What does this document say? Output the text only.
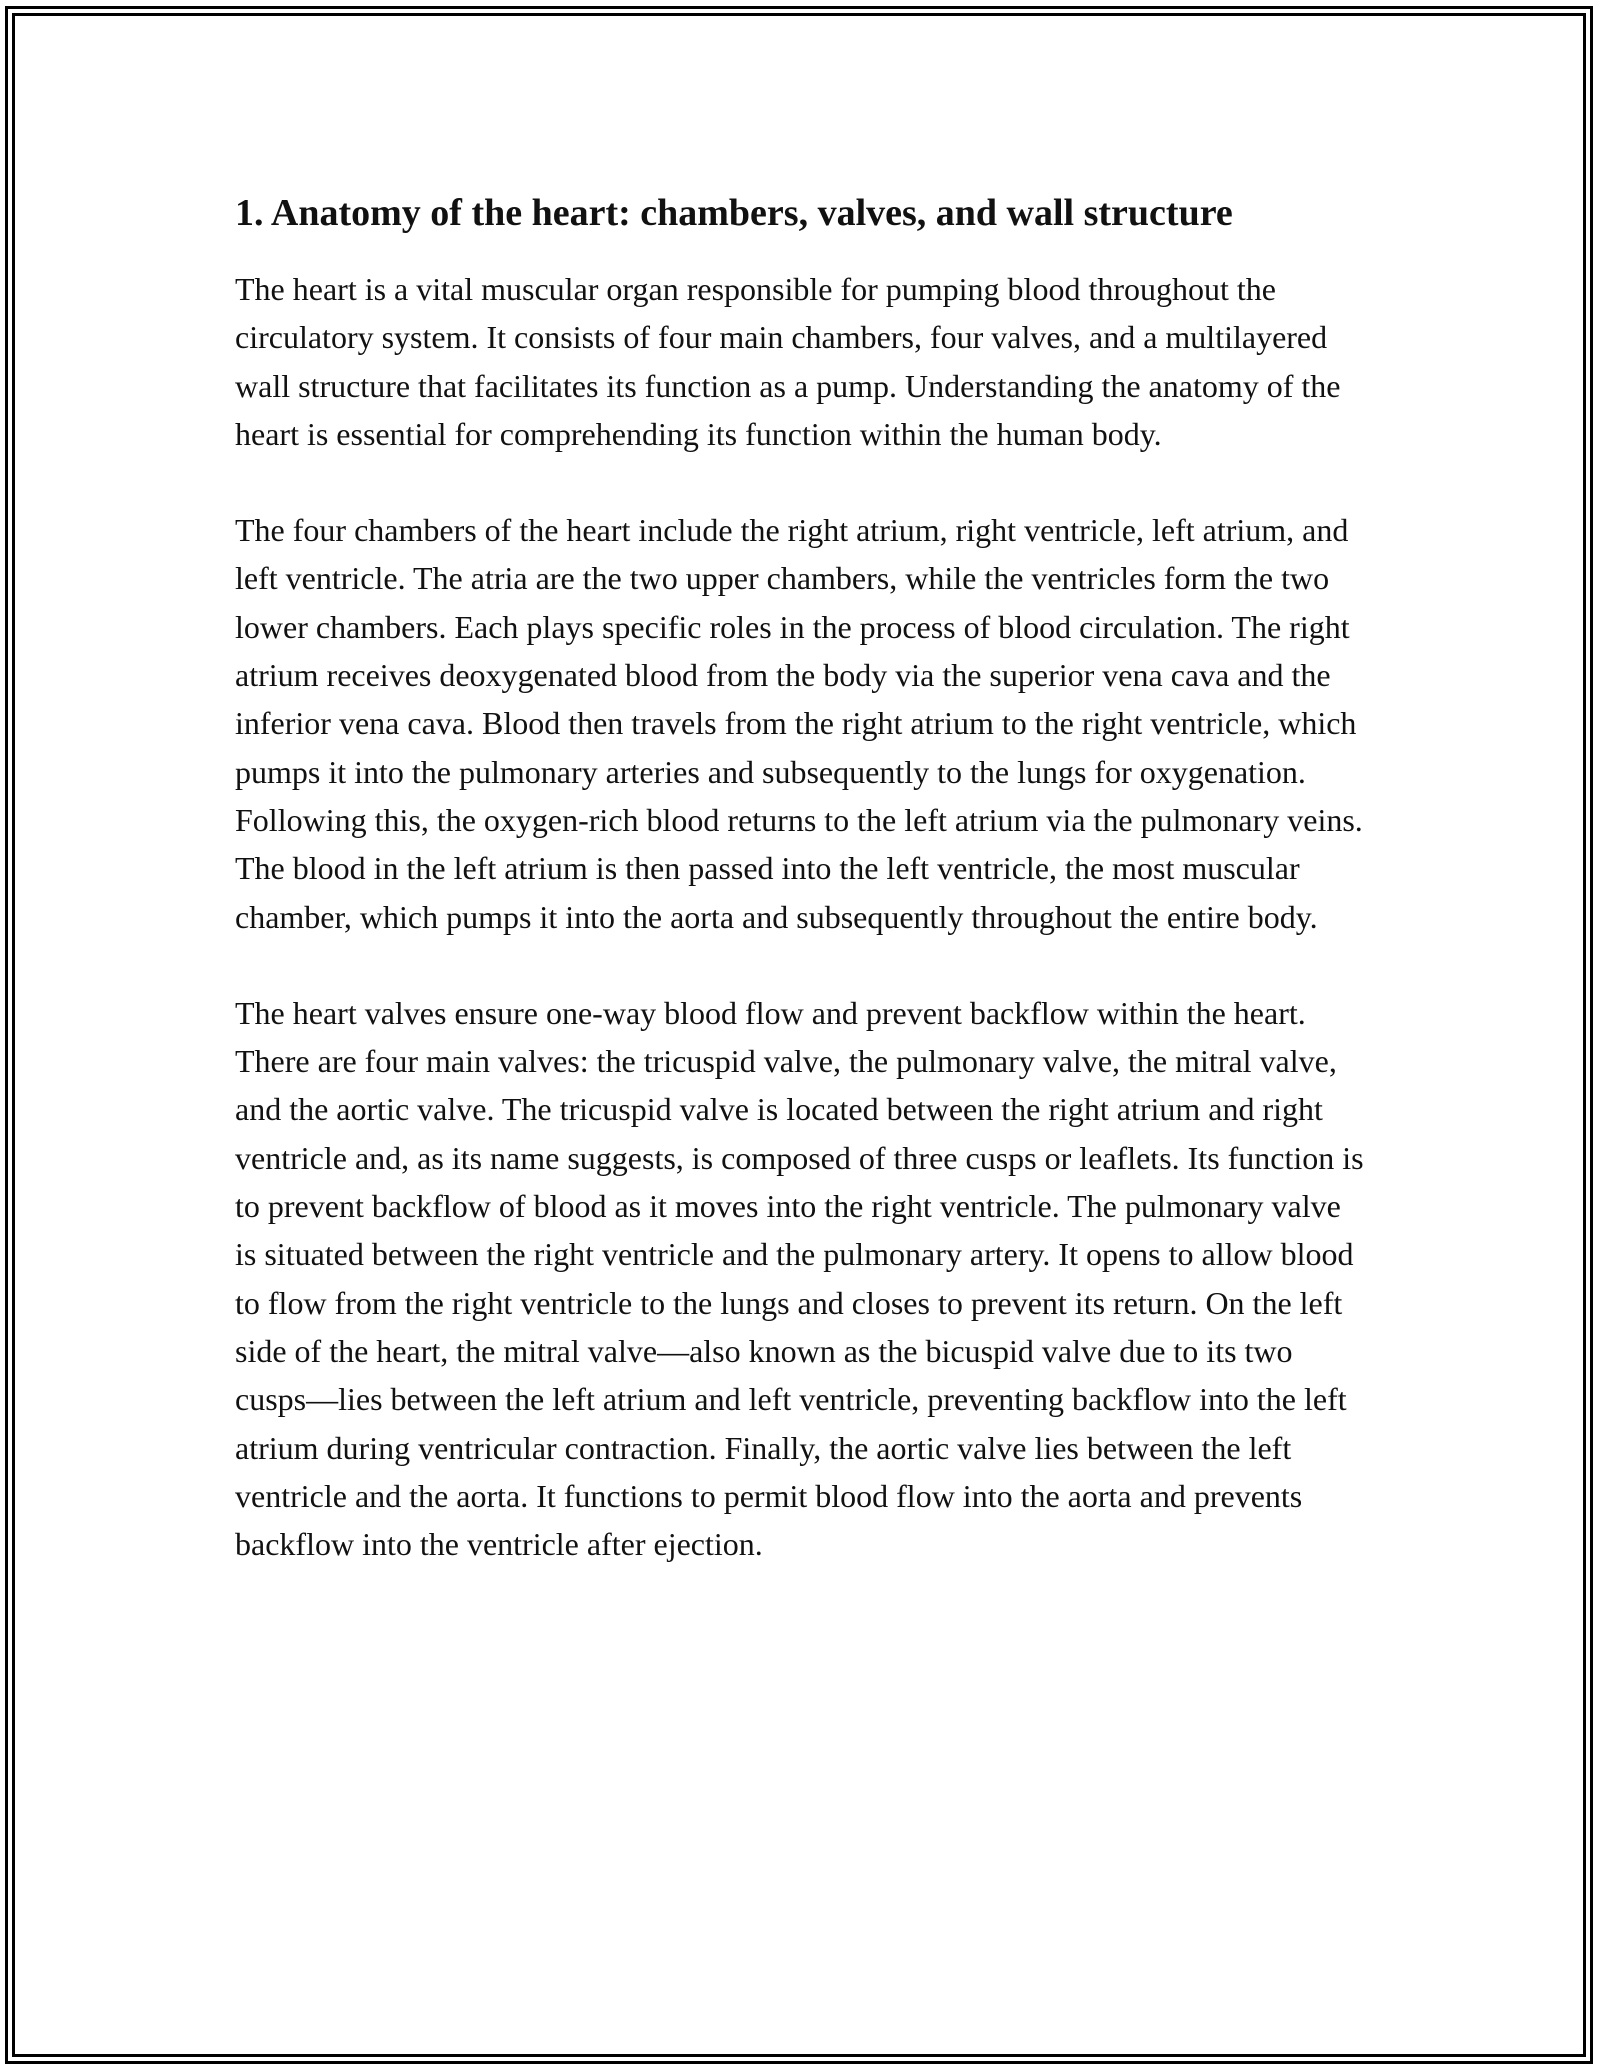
1. Anatomy of the heart: chambers, valves, and wall structure

The heart is a vital muscular organ responsible for pumping blood throughout the circulatory system. It consists of four main chambers, four valves, and a multilayered wall structure that facilitates its function as a pump. Understanding the anatomy of the heart is essential for comprehending its function within the human body.

The four chambers of the heart include the right atrium, right ventricle, left atrium, and left ventricle. The atria are the two upper chambers, while the ventricles form the two lower chambers. Each plays specific roles in the process of blood circulation. The right atrium receives deoxygenated blood from the body via the superior vena cava and the inferior vena cava. Blood then travels from the right atrium to the right ventricle, which pumps it into the pulmonary arteries and subsequently to the lungs for oxygenation. Following this, the oxygen-rich blood returns to the left atrium via the pulmonary veins. The blood in the left atrium is then passed into the left ventricle, the most muscular chamber, which pumps it into the aorta and subsequently throughout the entire body.

The heart valves ensure one-way blood flow and prevent backflow within the heart. There are four main valves: the tricuspid valve, the pulmonary valve, the mitral valve, and the aortic valve. The tricuspid valve is located between the right atrium and right ventricle and, as its name suggests, is composed of three cusps or leaflets. Its function is to prevent backflow of blood as it moves into the right ventricle. The pulmonary valve is situated between the right ventricle and the pulmonary artery. It opens to allow blood to flow from the right ventricle to the lungs and closes to prevent its return. On the left side of the heart, the mitral valve—also known as the bicuspid valve due to its two cusps—lies between the left atrium and left ventricle, preventing backflow into the left atrium during ventricular contraction. Finally, the aortic valve lies between the left ventricle and the aorta. It functions to permit blood flow into the aorta and prevents backflow into the ventricle after ejection.
